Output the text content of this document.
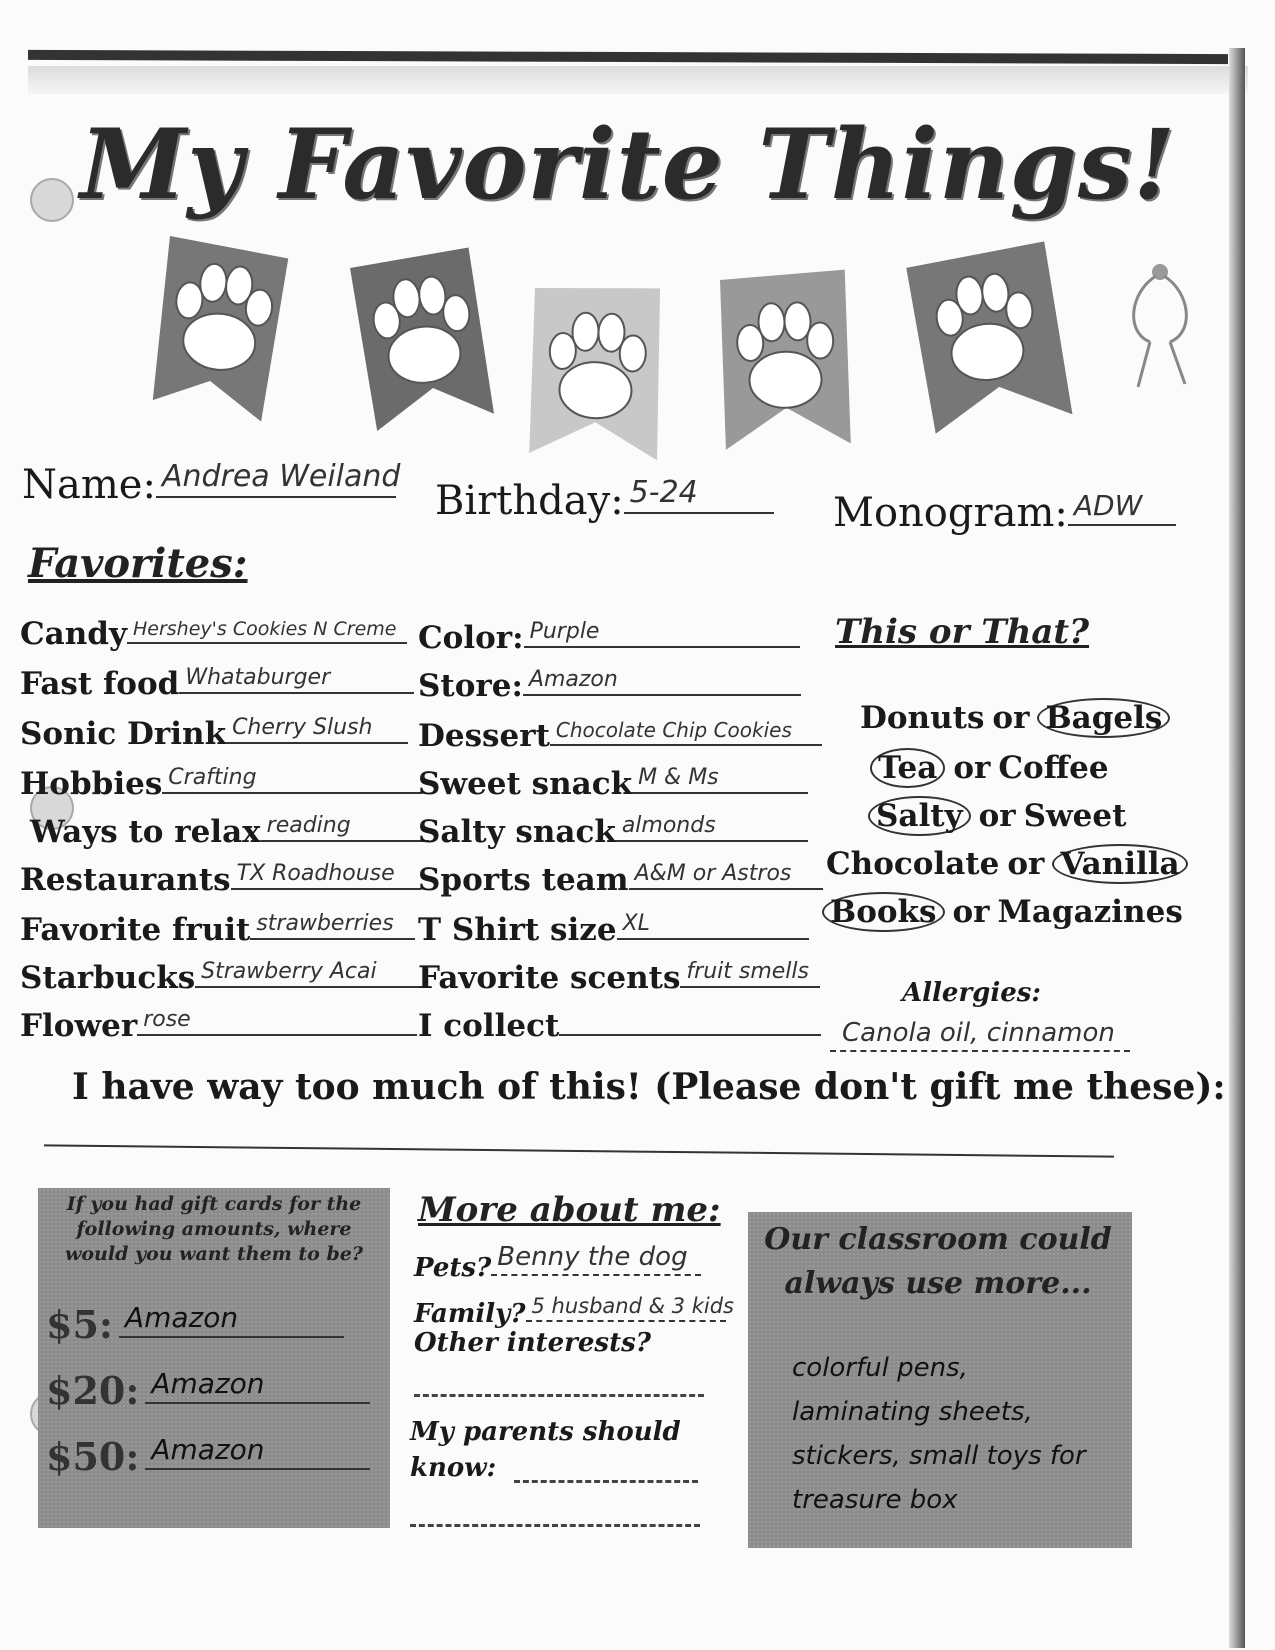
My Favorite Things!
Name: Andrea Weiland
Birthday: 5-24	Monogram: ADW
Favorites:
Candy Hershey's Cookies N Creme
Fast food Whataburger
Sonic Drink Cherry Slush
Hobbies Crafting
Ways to relax reading
Restaurants TX Roadhouse
Favorite fruit strawberries
Starbucks Strawberry Acai
Flower rose
Color: Purple
Store: Amazon
Dessert Chocolate Chip Cookies
Sweet snack M & Ms
Salty snack almonds
Sports team A&M or Astros
T Shirt size XL
Favorite scents fruit smells
I collect
This or That?
Donuts or Bagels
Tea or Coffee
Salty or Sweet
Chocolate or Vanilla
Books or Magazines
Allergies:
Canola oil, cinnamon
I have way too much of this! (Please don't gift me these):
If you had gift cards for the following amounts, where would you want them to be?
$5: Amazon
$20: Amazon
$50: Amazon
More about me:
Pets? Benny the dog
Family? 5 husband & 3 kids
Other interests?
My parents should know:
Our classroom could always use more...
colorful pens, laminating sheets, stickers, small toys for treasure box
